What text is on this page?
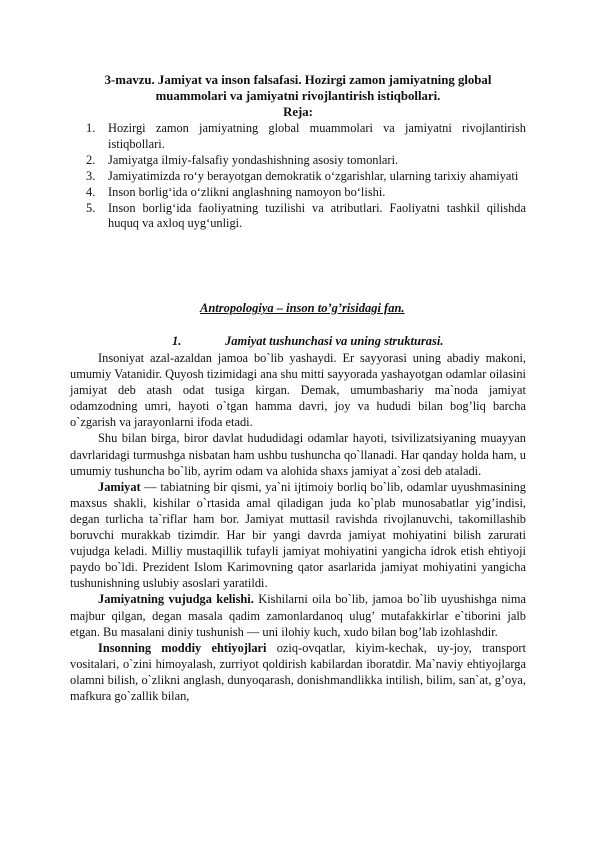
3-mavzu. Jamiyat va inson falsafasi. Hozirgi zamon jamiyatning global
muammolari va jamiyatni rivojlantirish istiqbollari.
Reja:
1. Hozirgi zamon jamiyatning global muammolari va jamiyatni rivojlantirish istiqbollari.
2. Jamiyatga ilmiy-falsafiy yondashishning asosiy tomonlari.
3. Jamiyatimizda ro‘y berayotgan demokratik o‘zgarishlar, ularning tarixiy ahamiyati
4. Inson borlig‘ida o‘zlikni anglashning namoyon bo‘lishi.
5. Inson borlig‘ida faoliyatning tuzilishi va atributlari. Faoliyatni tashkil qilishda huquq va axloq uyg‘unligi.
Antropologiya – inson to’g’risidagi fan.
1.	Jamiyat tushunchasi va uning strukturasi.

Insoniyat azal-azaldan jamoa bo`lib yashaydi. Er sayyorasi uning abadiy makoni, umumiy Vatanidir. Quyosh tizimidagi ana shu mitti sayyorada yashayotgan odamlar oilasini jamiyat deb atash odat tusiga kirgan. Demak, umumbashariy ma`noda jamiyat odamzodning umri, hayoti o`tgan hamma davri, joy va hududi bilan bog’liq barcha o`zgarish va jarayonlarni ifoda etadi.

Shu bilan birga, biror davlat hududidagi odamlar hayoti, tsivilizatsiyaning muayyan davrlaridagi turmushga nisbatan ham ushbu tushuncha qo`llanadi. Har qanday holda ham, u umumiy tushuncha bo`lib, ayrim odam va alohida shaxs jamiyat a`zosi deb ataladi.

Jamiyat — tabiatning bir qismi, ya`ni ijtimoiy borliq bo`lib, odamlar uyushmasining maxsus shakli, kishilar o`rtasida amal qiladigan juda ko`plab munosabatlar yig’indisi, degan turlicha ta`riflar ham bor. Jamiyat muttasil ravishda rivojlanuvchi, takomillashib boruvchi murakkab tizimdir. Har bir yangi davrda jamiyat mohiyatini bilish zarurati vujudga keladi. Milliy mustaqillik tufayli jamiyat mohiyatini yangicha idrok etish ehtiyoji paydo bo`ldi. Prezident Islom Karimovning qator asarlarida jamiyat mohiyatini yangicha tushunishning uslubiy asoslari yaratildi.

Jamiyatning vujudga kelishi. Kishilarni oila bo`lib, jamoa bo`lib uyushishga nima majbur qilgan, degan masala qadim zamonlardanoq ulug’ mutafakkirlar e`tiborini jalb etgan. Bu masalani diniy tushunish — uni ilohiy kuch, xudo bilan bog’lab izohlashdir.

Insonning moddiy ehtiyojlari oziq-ovqatlar, kiyim-kechak, uy-joy, transport vositalari, o`zini himoyalash, zurriyot qoldirish kabilardan iboratdir. Ma`naviy ehtiyojlarga olamni bilish, o`zlikni anglash, dunyoqarash, donishmandlikka intilish, bilim, san`at, g’oya, mafkura go`zallik bilan,
